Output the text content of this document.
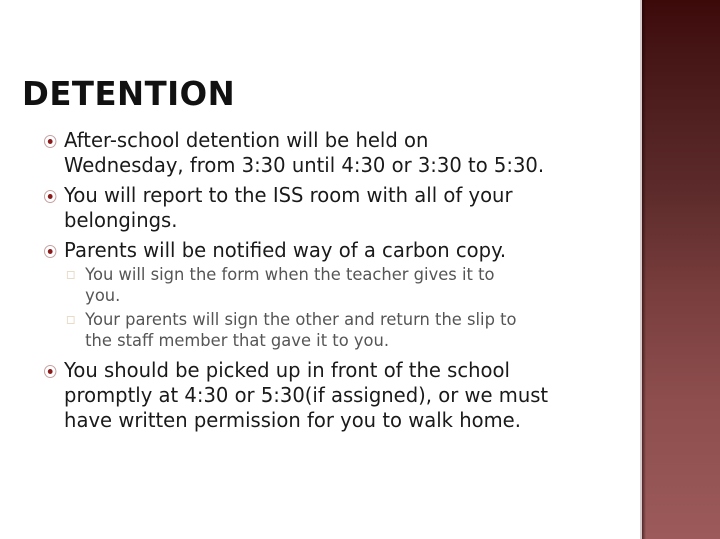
DETENTION
After-school detention will be held on
Wednesday, from 3:30 until 4:30 or 3:30 to 5:30.
You will report to the ISS room with all of your
belongings.
Parents will be notified way of a carbon copy.
You will sign the form when the teacher gives it to
you.
Your parents will sign the other and return the slip to
the staff member that gave it to you.
You should be picked up in front of the school
promptly at 4:30 or 5:30(if assigned), or we must
have written permission for you to walk home.
